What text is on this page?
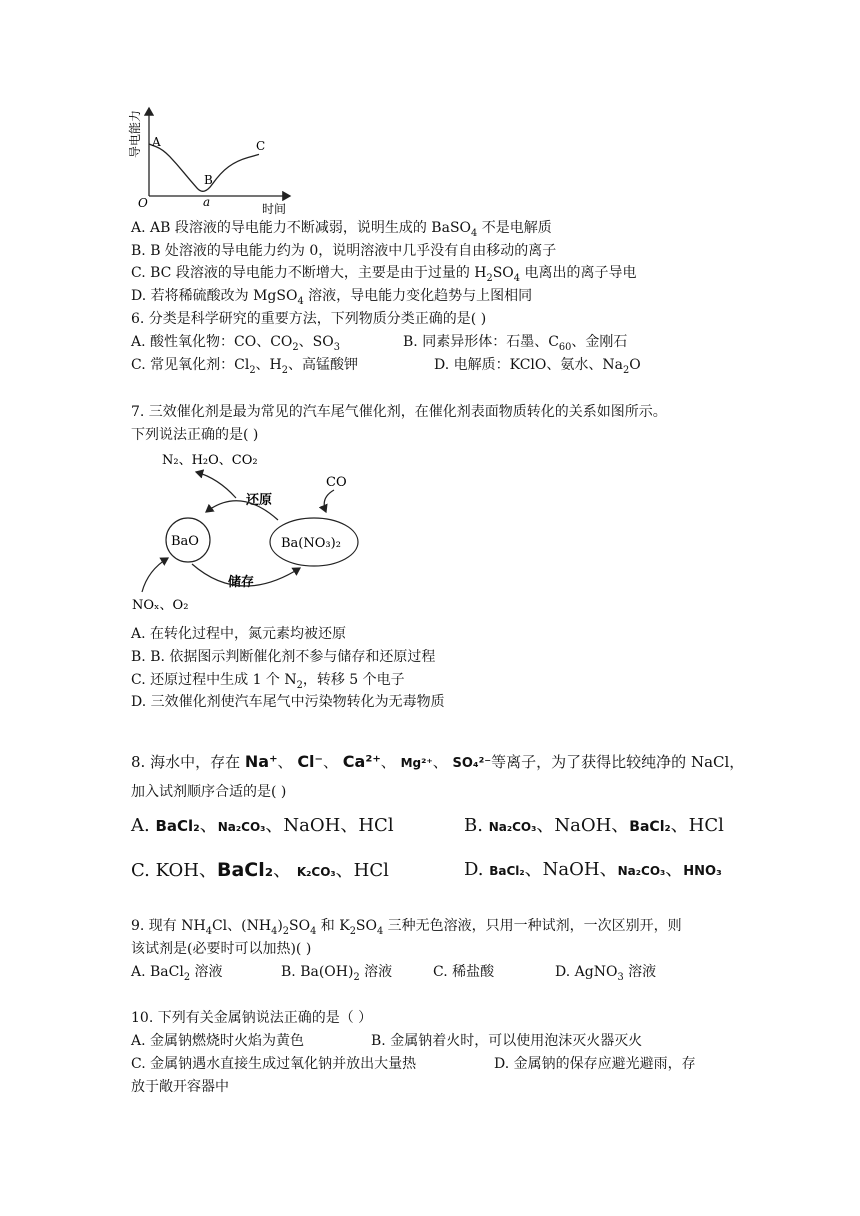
导电能力 A
B
C
O	a	时间
A. AB 段溶液的导电能力不断减弱，说明生成的 BaSO$_4$ 不是电解质
B. B 处溶液的导电能力约为 0，说明溶液中几乎没有自由移动的离子
C. BC 段溶液的导电能力不断增大，主要是由于过量的 $H_2SO_4$ 电离出的离子导电
D. 若将稀硫酸改为 MgSO$_4$ 溶液，导电能力变化趋势与上图相同
6. 分类是科学研究的重要方法，下列物质分类正确的是( )
A. 酸性氧化物：CO、$CO_2$、$SO_3$	B. 同素异形体：石墨、$C_{60}$、金刚石
C. 常见氧化剂：$Cl_2$、$H_2$、高锰酸钾	D. 电解质：KClO、氨水、$Na_2O$
7. 三效催化剂是最为常见的汽车尾气催化剂，在催化剂表面物质转化的关系如图所示。
下列说法正确的是( )
N₂、H₂O、CO₂
CO
还原
储存
BaO	Ba(NO₃)₂
NOₓ、O₂
A. 在转化过程中，氮元素均被还原
B. B. 依据图示判断催化剂不参与储存和还原过程
C. 还原过程中生成 1 个 $N_2$，转移 5 个电子
D. 三效催化剂使汽车尾气中污染物转化为无毒物质
8. 海水中，存在 Na⁺、 Cl⁻、 Ca²⁺、 Mg²⁺、 SO₄²⁻等离子，为了获得比较纯净的 NaCl，
加入试剂顺序合适的是( )
A. BaCl₂、Na₂CO₃、NaOH、HCl	B. Na₂CO₃、NaOH、BaCl₂、HCl
C. KOH、BaCl₂、 K₂CO₃、HCl	D. BaCl₂、NaOH、Na₂CO₃、HNO₃
9. 现有 $NH_4Cl$、$(NH_4)_2SO_4$ 和 $K_2SO_4$ 三种无色溶液，只用一种试剂，一次区别开，则
该试剂是(必要时可以加热)( )
A. BaCl$_2$ 溶液	B. $Ba(OH)_2$ 溶液	C. 稀盐酸	D. AgNO$_3$ 溶液
10. 下列有关金属钠说法正确的是（ ）
A. 金属钠燃烧时火焰为黄色	B. 金属钠着火时，可以使用泡沫灭火器灭火
C. 金属钠遇水直接生成过氧化钠并放出大量热	D. 金属钠的保存应避光避雨，存
放于敞开容器中
